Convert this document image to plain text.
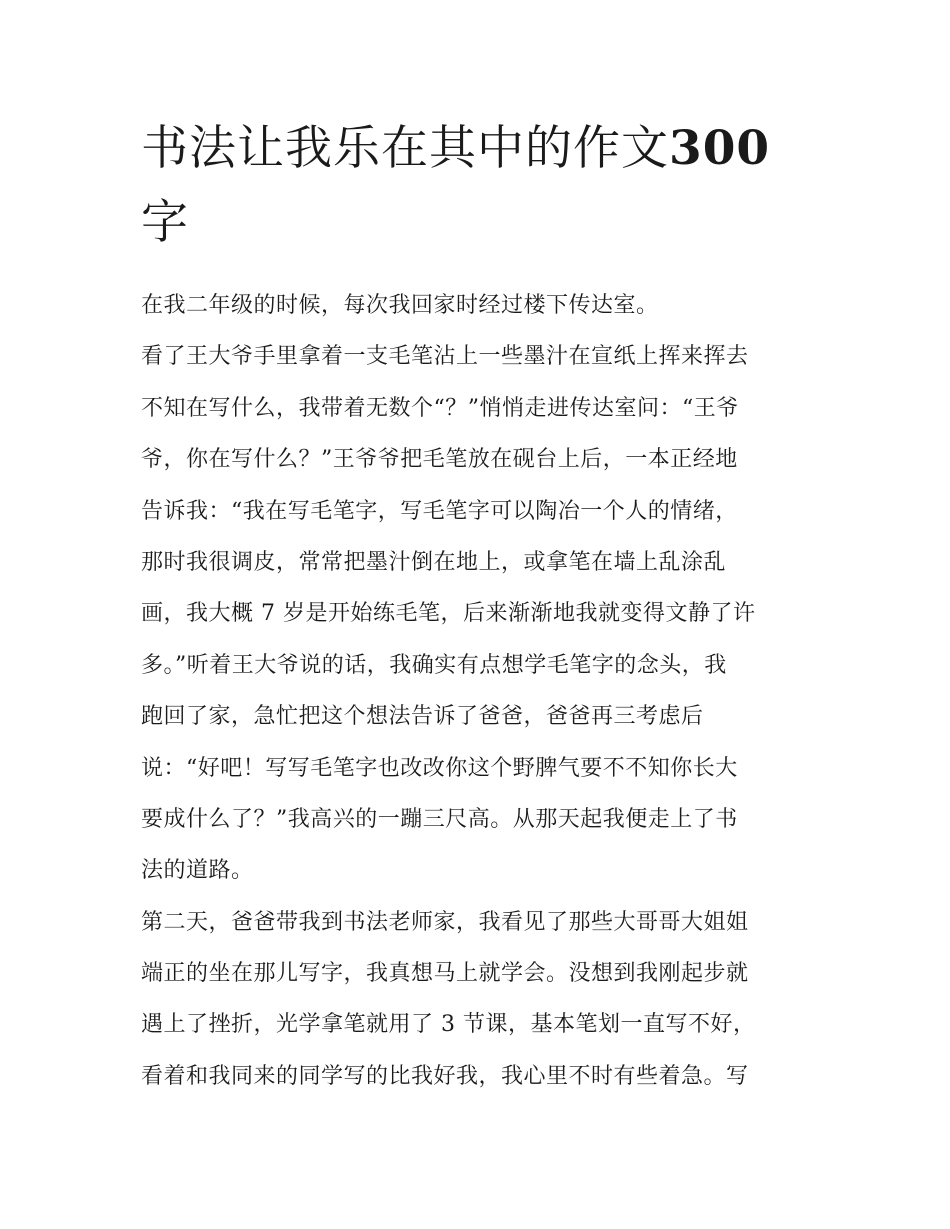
书法让我乐在其中的作文300
字
在我二年级的时候，每次我回家时经过楼下传达室。
看了王大爷手里拿着一支毛笔沾上一些墨汁在宣纸上挥来挥去
不知在写什么，我带着无数个“？”悄悄走进传达室问：“王爷
爷，你在写什么？”王爷爷把毛笔放在砚台上后，一本正经地
告诉我：“我在写毛笔字，写毛笔字可以陶冶一个人的情绪，
那时我很调皮，常常把墨汁倒在地上，或拿笔在墙上乱涂乱
画，我大概 7 岁是开始练毛笔，后来渐渐地我就变得文静了许
多。”听着王大爷说的话，我确实有点想学毛笔字的念头，我
跑回了家，急忙把这个想法告诉了爸爸，爸爸再三考虑后
说：“好吧！写写毛笔字也改改你这个野脾气要不不知你长大
要成什么了？”我高兴的一蹦三尺高。从那天起我便走上了书
法的道路。
第二天，爸爸带我到书法老师家，我看见了那些大哥哥大姐姐
端正的坐在那儿写字，我真想马上就学会。没想到我刚起步就
遇上了挫折，光学拿笔就用了 3 节课，基本笔划一直写不好，
看着和我同来的同学写的比我好我，我心里不时有些着急。写
